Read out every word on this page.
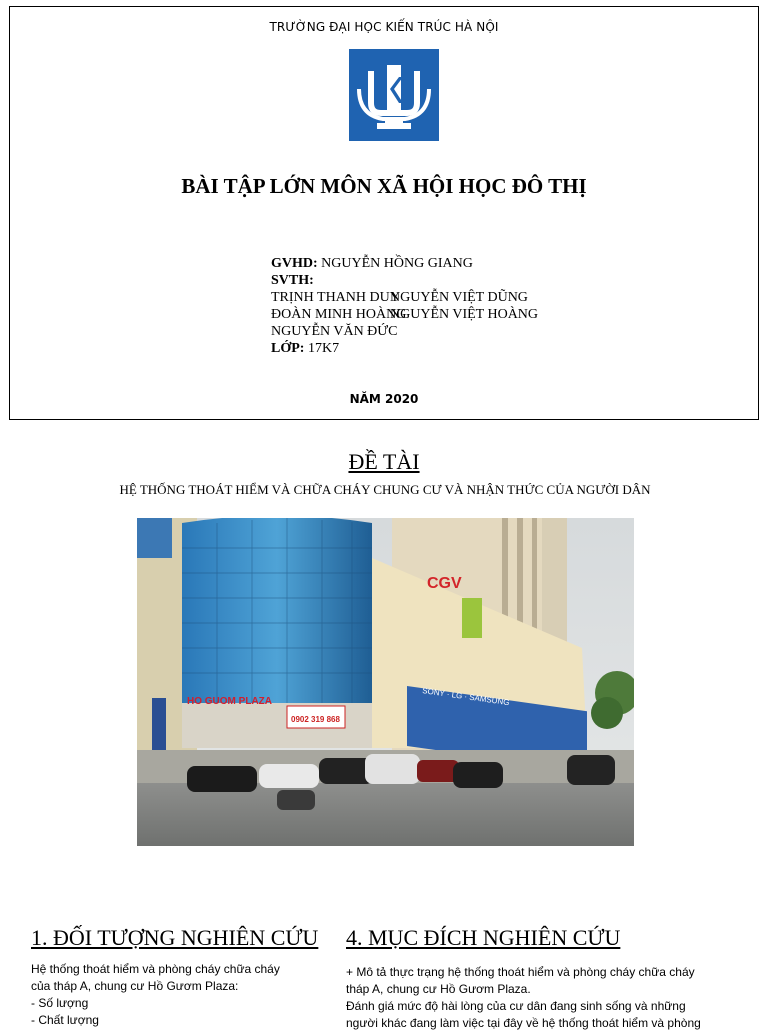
TRƯỜNG ĐẠI HỌC KIẾN TRÚC HÀ NỘI
BÀI TẬP LỚN MÔN XÃ HỘI HỌC ĐÔ THỊ
GVHD: NGUYỄN HỒNG GIANG
SVTH:
TRỊNH THANH DUY
NGUYỄN VIỆT DŨNG
ĐOÀN MINH HOÀNG
NGUYỄN VIỆT HOÀNG
NGUYỄN VĂN ĐỨC
LỚP: 17K7
NĂM 2020
ĐỀ TÀI
HỆ THỐNG THOÁT HIỂM VÀ CHỮA CHÁY CHUNG CƯ VÀ NHẬN THỨC CỦA NGƯỜI DÂN
CGV
SONY · LG · SAMSUNG
HO GUOM PLAZA
0902 319 868
1. ĐỐI TƯỢNG NGHIÊN CỨU
Hệ thống thoát hiểm và phòng cháy chữa cháy
của tháp A, chung cư Hồ Gươm Plaza:
- Số lượng
- Chất lượng
4. MỤC ĐÍCH NGHIÊN CỨU
+ Mô tả thực trạng hệ thống thoát hiểm và phòng cháy chữa cháy
tháp A, chung cư Hồ Gươm Plaza.
Đánh giá mức độ hài lòng của cư dân đang sinh sống và những
người khác đang làm việc tại đây về hệ thống thoát hiểm và phòng
